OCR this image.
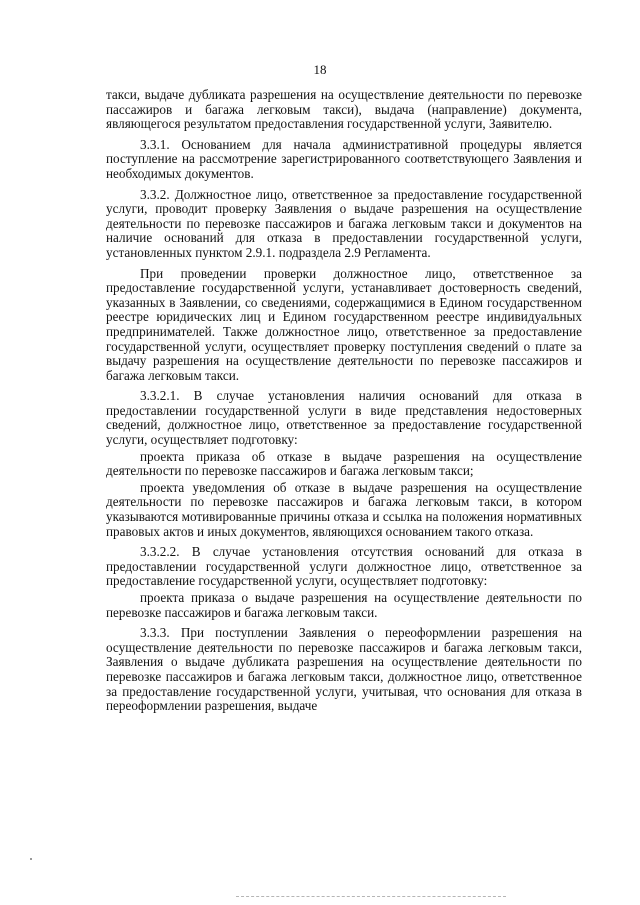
18

такси, выдаче дубликата разрешения на осуществление деятельности по перевозке пассажиров и багажа легковым такси), выдача (направление) документа, являющегося результатом предоставления государственной услуги, Заявителю.

3.3.1. Основанием для начала административной процедуры является поступление на рассмотрение зарегистрированного соответствующего Заявления и необходимых документов.

3.3.2. Должностное лицо, ответственное за предоставление государственной услуги, проводит проверку Заявления о выдаче разрешения на осуществление деятельности по перевозке пассажиров и багажа легковым такси и документов на наличие оснований для отказа в предоставлении государственной услуги, установленных пунктом 2.9.1. подраздела 2.9 Регламента.

При проведении проверки должностное лицо, ответственное за предоставление государственной услуги, устанавливает достоверность сведений, указанных в Заявлении, со сведениями, содержащимися в Едином государственном реестре юридических лиц и Едином государственном реестре индивидуальных предпринимателей. Также должностное лицо, ответственное за предоставление государственной услуги, осуществляет проверку поступления сведений о плате за выдачу разрешения на осуществление деятельности по перевозке пассажиров и багажа легковым такси.

3.3.2.1. В случае установления наличия оснований для отказа в предоставлении государственной услуги в виде представления недостоверных сведений, должностное лицо, ответственное за предоставление государственной услуги, осуществляет подготовку:

проекта приказа об отказе в выдаче разрешения на осуществление деятельности по перевозке пассажиров и багажа легковым такси;

проекта уведомления об отказе в выдаче разрешения на осуществление деятельности по перевозке пассажиров и багажа легковым такси, в котором указываются мотивированные причины отказа и ссылка на положения нормативных правовых актов и иных документов, являющихся основанием такого отказа.

3.3.2.2. В случае установления отсутствия оснований для отказа в предоставлении государственной услуги должностное лицо, ответственное за предоставление государственной услуги, осуществляет подготовку:

проекта приказа о выдаче разрешения на осуществление деятельности по перевозке пассажиров и багажа легковым такси.

3.3.3. При поступлении Заявления о переоформлении разрешения на осуществление деятельности по перевозке пассажиров и багажа легковым такси, Заявления о выдаче дубликата разрешения на осуществление деятельности по перевозке пассажиров и багажа легковым такси, должностное лицо, ответственное за предоставление государственной услуги, учитывая, что основания для отказа в переоформлении разрешения, выдаче
